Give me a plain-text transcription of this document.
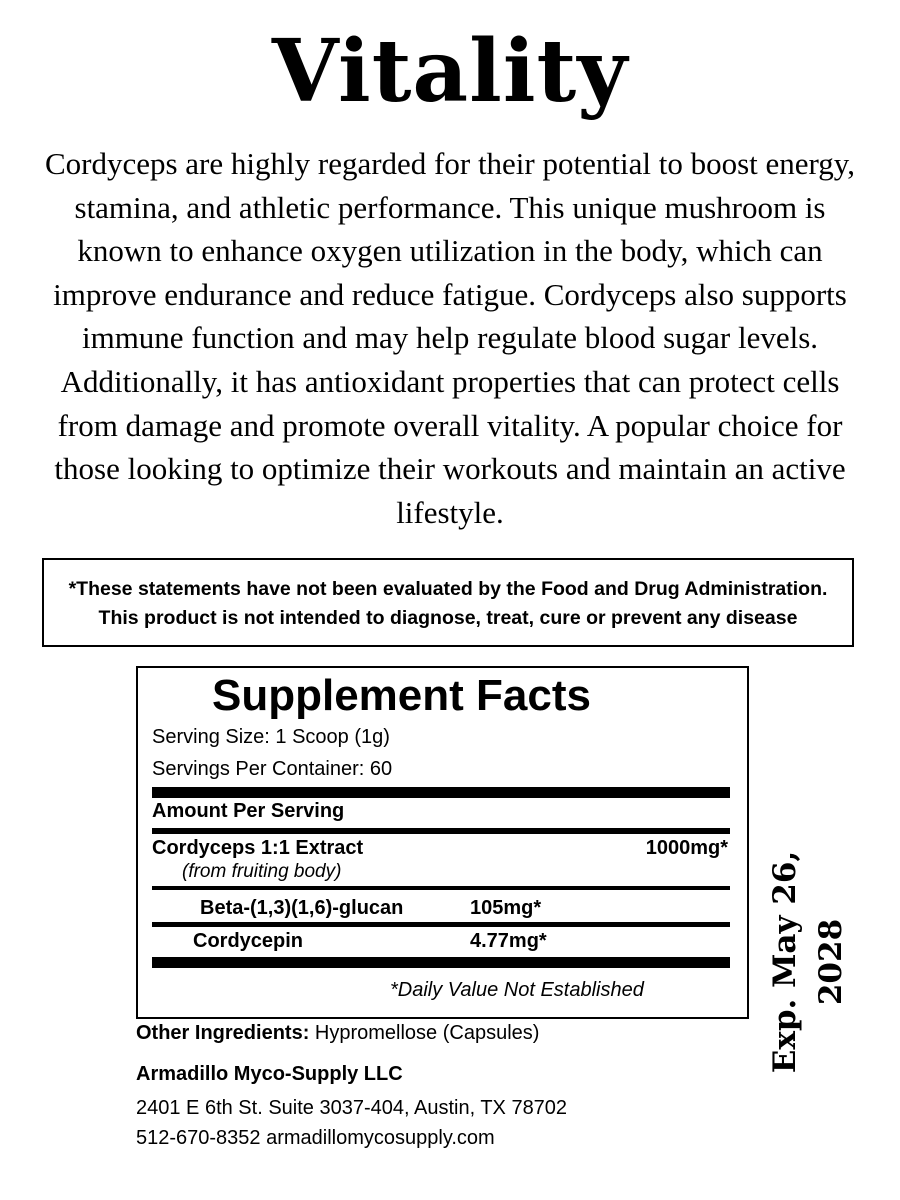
Vitality
Cordyceps are highly regarded for their potential to boost energy, stamina, and athletic performance. This unique mushroom is known to enhance oxygen utilization in the body, which can improve endurance and reduce fatigue. Cordyceps also supports immune function and may help regulate blood sugar levels. Additionally, it has antioxidant properties that can protect cells from damage and promote overall vitality. A popular choice for those looking to optimize their workouts and maintain an active lifestyle.
*These statements have not been evaluated by the Food and Drug Administration. This product is not intended to diagnose, treat, cure or prevent any disease
Supplement Facts
Serving Size: 1 Scoop (1g)
Servings Per Container: 60
Amount Per Serving
Cordyceps 1:1 Extract	1000mg*
(from fruiting body)
Beta-(1,3)(1,6)-glucan	105mg*
Cordycepin	4.77mg*
*Daily Value Not Established
Other Ingredients: Hypromellose (Capsules)
Armadillo Myco-Supply LLC
2401 E 6th St. Suite 3037-404, Austin, TX 78702
512-670-8352 armadillomycosupply.com
Exp. May 26, 2028
